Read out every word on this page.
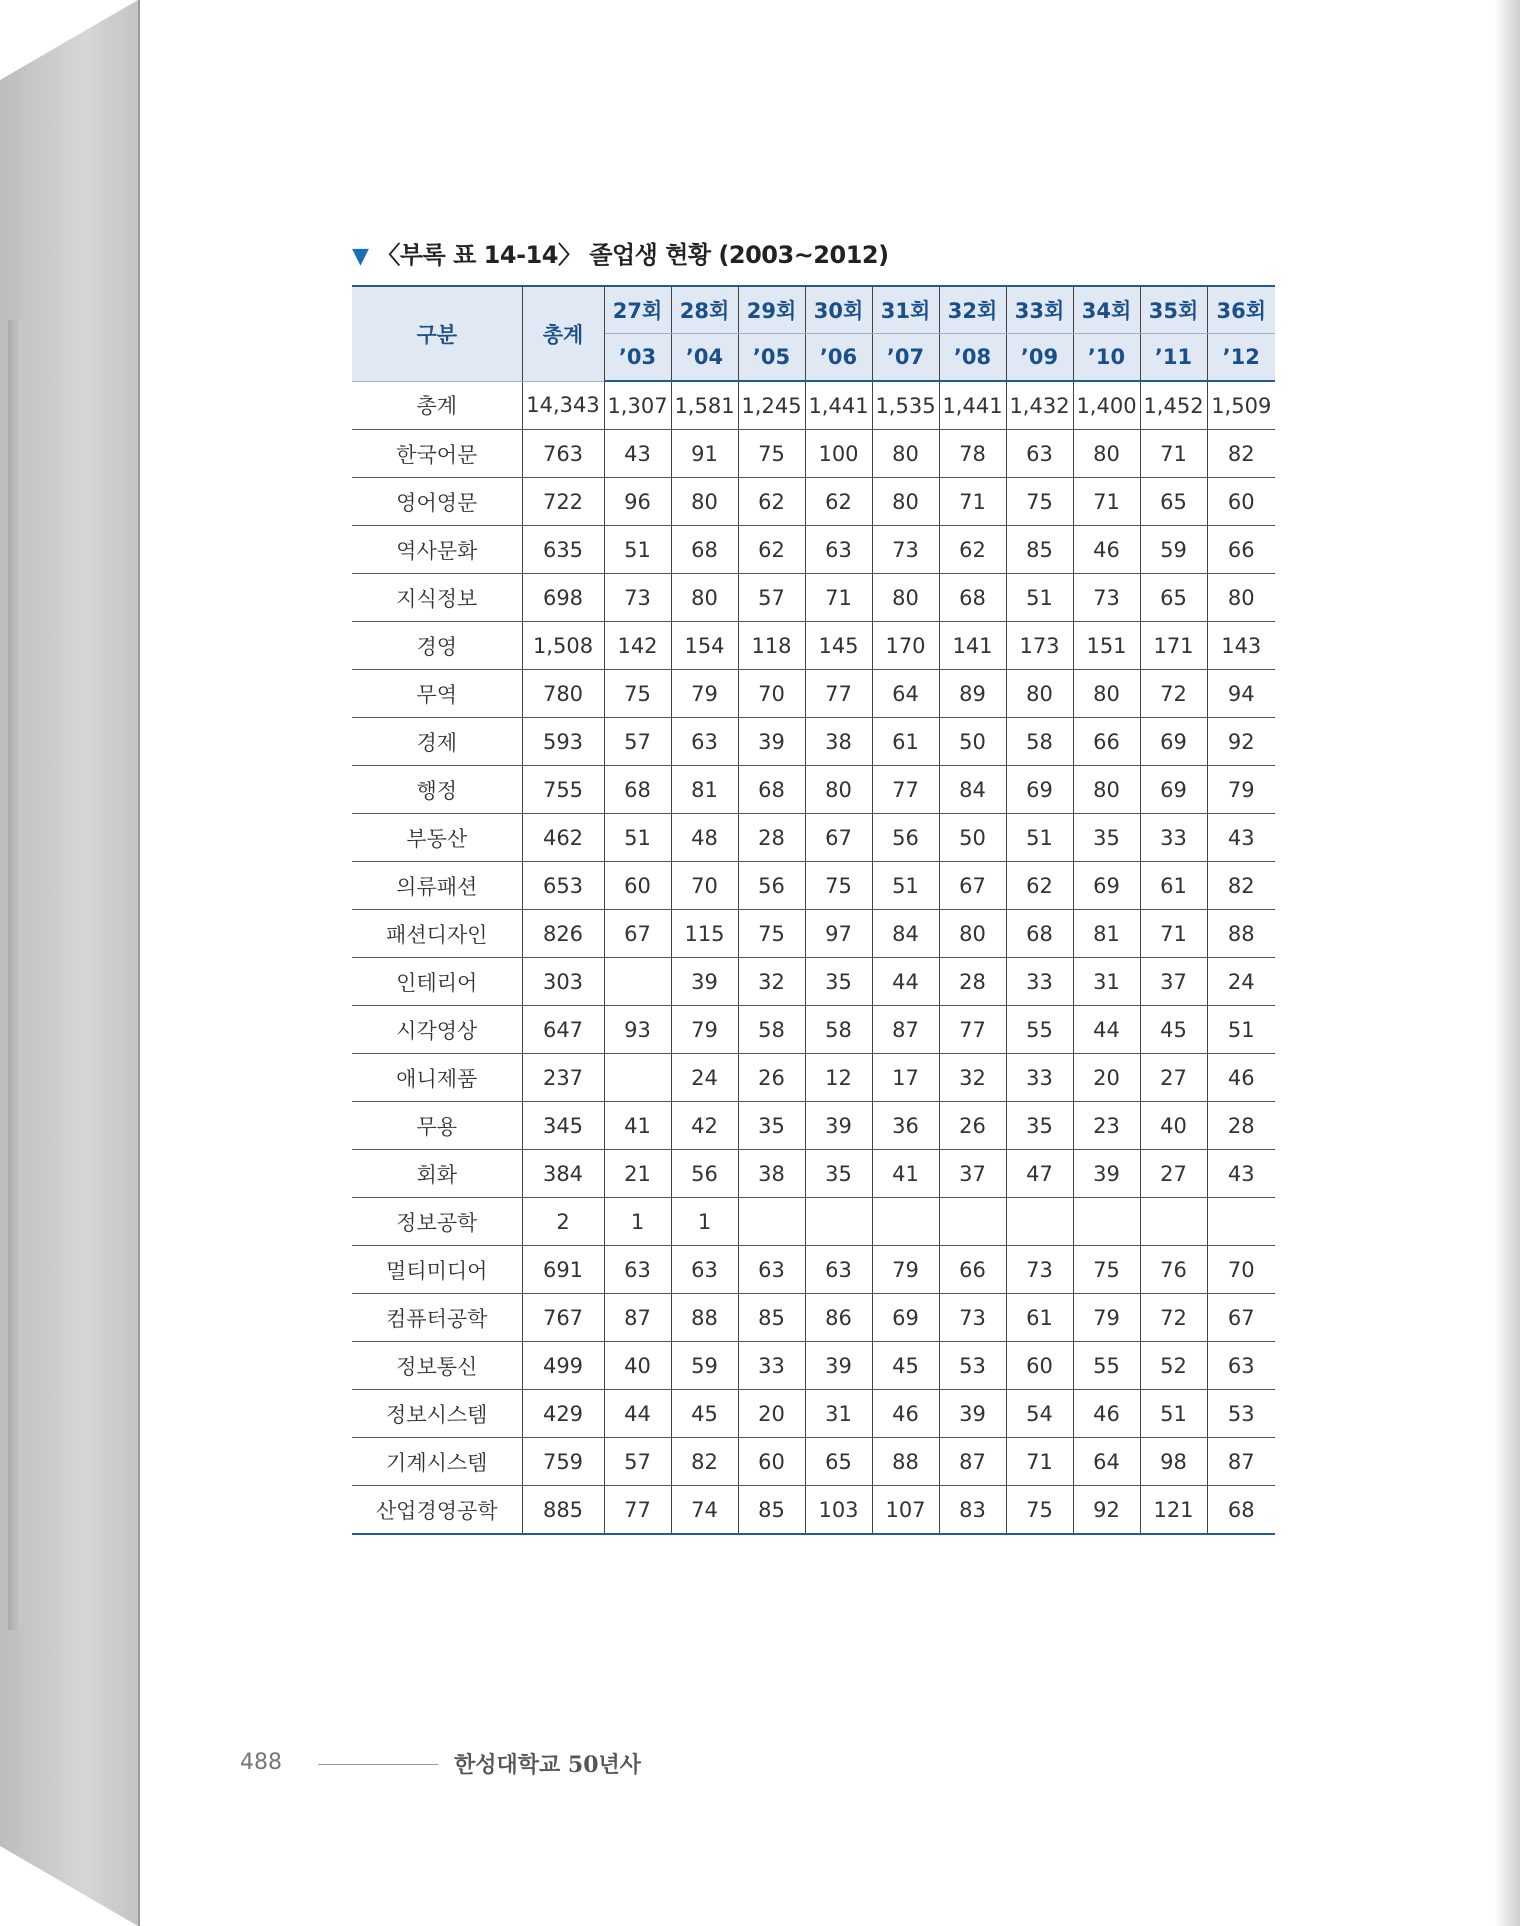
▼ 〈부록 표 14-14〉 졸업생 현황 (2003~2012)
구분	총계	27회	28회	29회	30회	31회	32회	33회	34회	35회	36회
		’03	’04	’05	’06	’07	’08	’09	’10	’11	’12
총계	14,343	1,307	1,581	1,245	1,441	1,535	1,441	1,432	1,400	1,452	1,509
한국어문	763	43	91	75	100	80	78	63	80	71	82
영어영문	722	96	80	62	62	80	71	75	71	65	60
역사문화	635	51	68	62	63	73	62	85	46	59	66
지식정보	698	73	80	57	71	80	68	51	73	65	80
경영	1,508	142	154	118	145	170	141	173	151	171	143
무역	780	75	79	70	77	64	89	80	80	72	94
경제	593	57	63	39	38	61	50	58	66	69	92
행정	755	68	81	68	80	77	84	69	80	69	79
부동산	462	51	48	28	67	56	50	51	35	33	43
의류패션	653	60	70	56	75	51	67	62	69	61	82
패션디자인	826	67	115	75	97	84	80	68	81	71	88
인테리어	303		39	32	35	44	28	33	31	37	24
시각영상	647	93	79	58	58	87	77	55	44	45	51
애니제품	237		24	26	12	17	32	33	20	27	46
무용	345	41	42	35	39	36	26	35	23	40	28
회화	384	21	56	38	35	41	37	47	39	27	43
정보공학	2	1	1								
멀티미디어	691	63	63	63	63	79	66	73	75	76	70
컴퓨터공학	767	87	88	85	86	69	73	61	79	72	67
정보통신	499	40	59	33	39	45	53	60	55	52	63
정보시스템	429	44	45	20	31	46	39	54	46	51	53
기계시스템	759	57	82	60	65	88	87	71	64	98	87
산업경영공학	885	77	74	85	103	107	83	75	92	121	68
488	한성대학교 50년사
